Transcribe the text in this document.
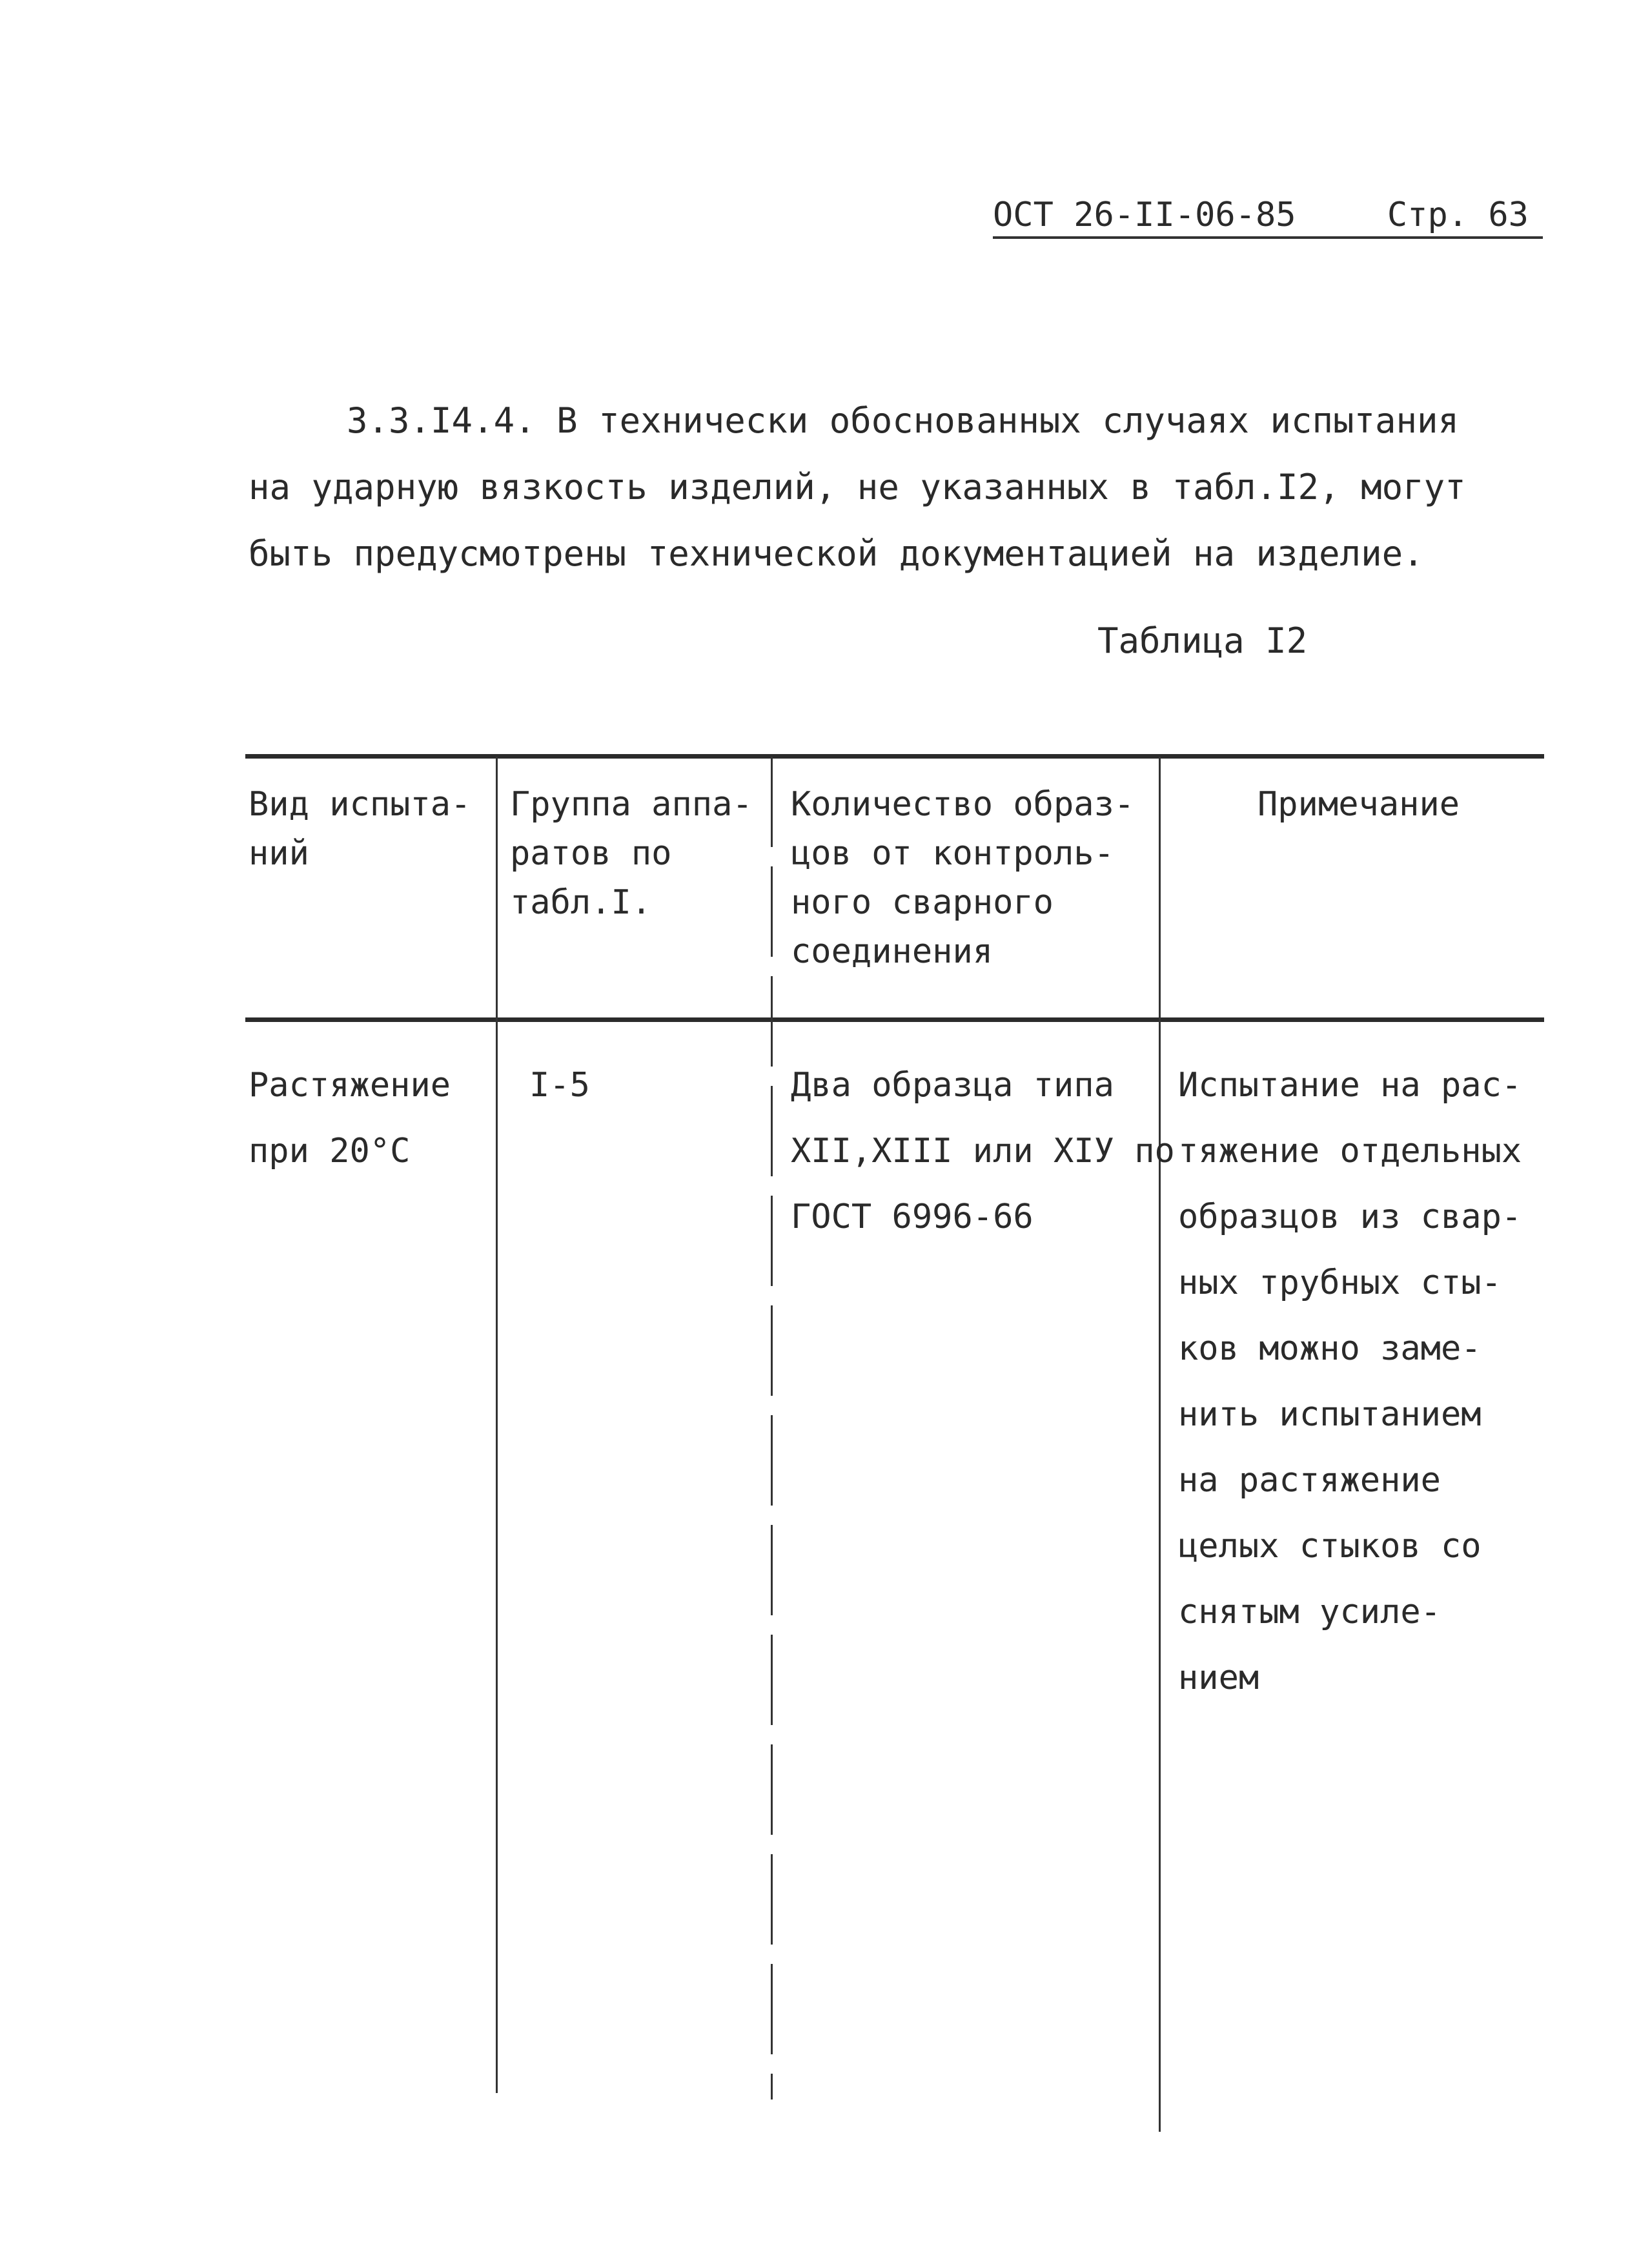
ОСТ 26-II-06-85	Стр. 63

3.3.I4.4. В технически обоснованных случаях испытания

на ударную вязкость изделий, не указанных в табл.I2, могут

быть предусмотрены технической документацией на изделие.

Таблица I2
Вид испыта-
ний
Группа аппа-
ратов по
табл.I.
Количество образ-
цов от контроль-
ного сварного
соединения
Примечание
Растяжение
при 20°С
I-5	Два образца типа
XII,XIII или XIУ по
ГОСТ 6996-66
Испытание на рас-
тяжение отдельных
образцов из свар-
ных трубных сты-
ков можно заме-
нить испытанием
на растяжение
целых стыков со
снятым усиле-
нием
